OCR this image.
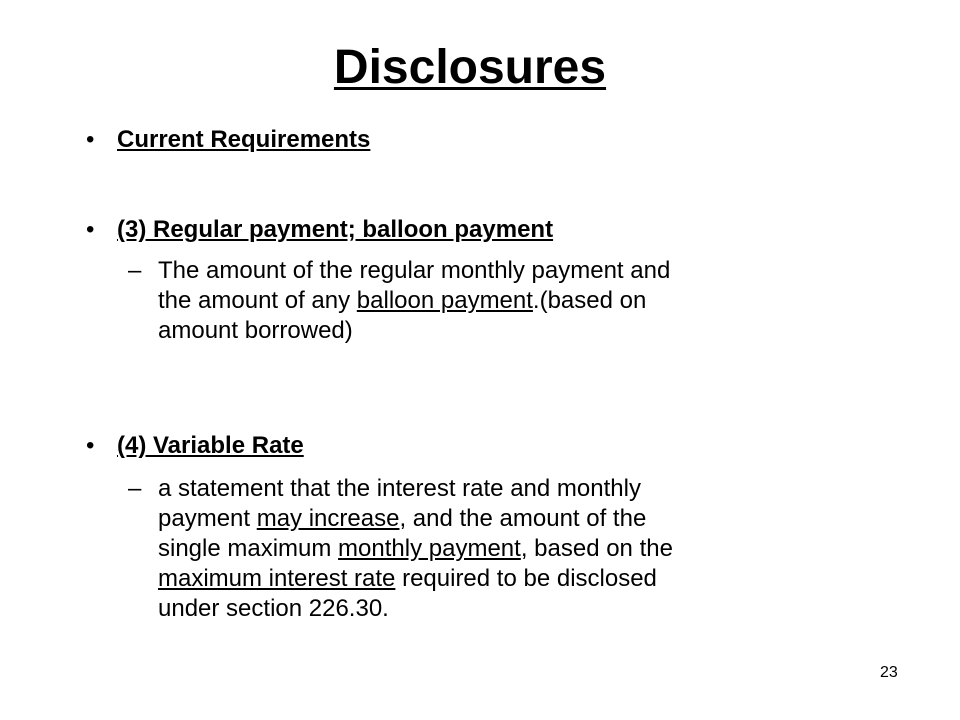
Disclosures
• Current Requirements
• (3) Regular payment; balloon payment
– The amount of the regular monthly payment and
the amount of any balloon payment.(based on
amount borrowed)
• (4) Variable Rate
– a statement that the interest rate and monthly
payment may increase, and the amount of the
single maximum monthly payment, based on the
maximum interest rate required to be disclosed
under section 226.30.
23
